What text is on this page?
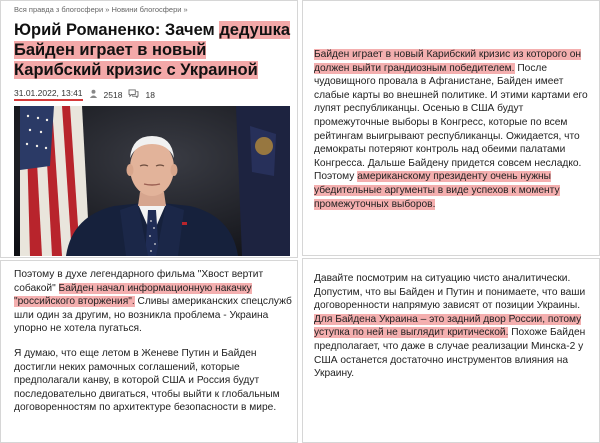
Вся правда з блогосфери » Новини блогосфери »
Юрий Романенко: Зачем дедушка Байден играет в новый Карибский кризис с Украиной
31.01.2022, 13:41 2518	18
Байден играет в новый Карибский кризис из которого он должен выйти грандиозным победителем. После чудовищного провала в Афганистане, Байден имеет слабые карты во внешней политике. И этими картами его лупят республиканцы. Осенью в США будут промежуточные выборы в Конгресс, которые по всем рейтингам выигрывают республиканцы. Ожидается, что демократы потеряют контроль над обеими палатами Конгресса. Дальше Байдену придется совсем несладко. Поэтому американскому президенту очень нужны убедительные аргументы в виде успехов к моменту промежуточных выборов.

Поэтому в духе легендарного фильма "Хвост вертит собакой" Байден начал информационную накачку "российского вторжения". Сливы американских спецслужб шли один за другим, но возникла проблема - Украина упорно не хотела пугаться.

Я думаю, что еще летом в Женеве Путин и Байден достигли неких рамочных соглашений, которые предполагали канву, в которой США и Россия будут последовательно двигаться, чтобы выйти к глобальным договоренностям по архитектуре безопасности в мире.

Давайте посмотрим на ситуацию чисто аналитически. Допустим, что вы Байден и Путин и понимаете, что ваши договоренности напрямую зависят от позиции Украины. Для Байдена Украина – это задний двор России, потому уступка по ней не выглядит критической. Похоже Байден предполагает, что даже в случае реализации Минска-2 у США останется достаточно инструментов влияния на Украину.
